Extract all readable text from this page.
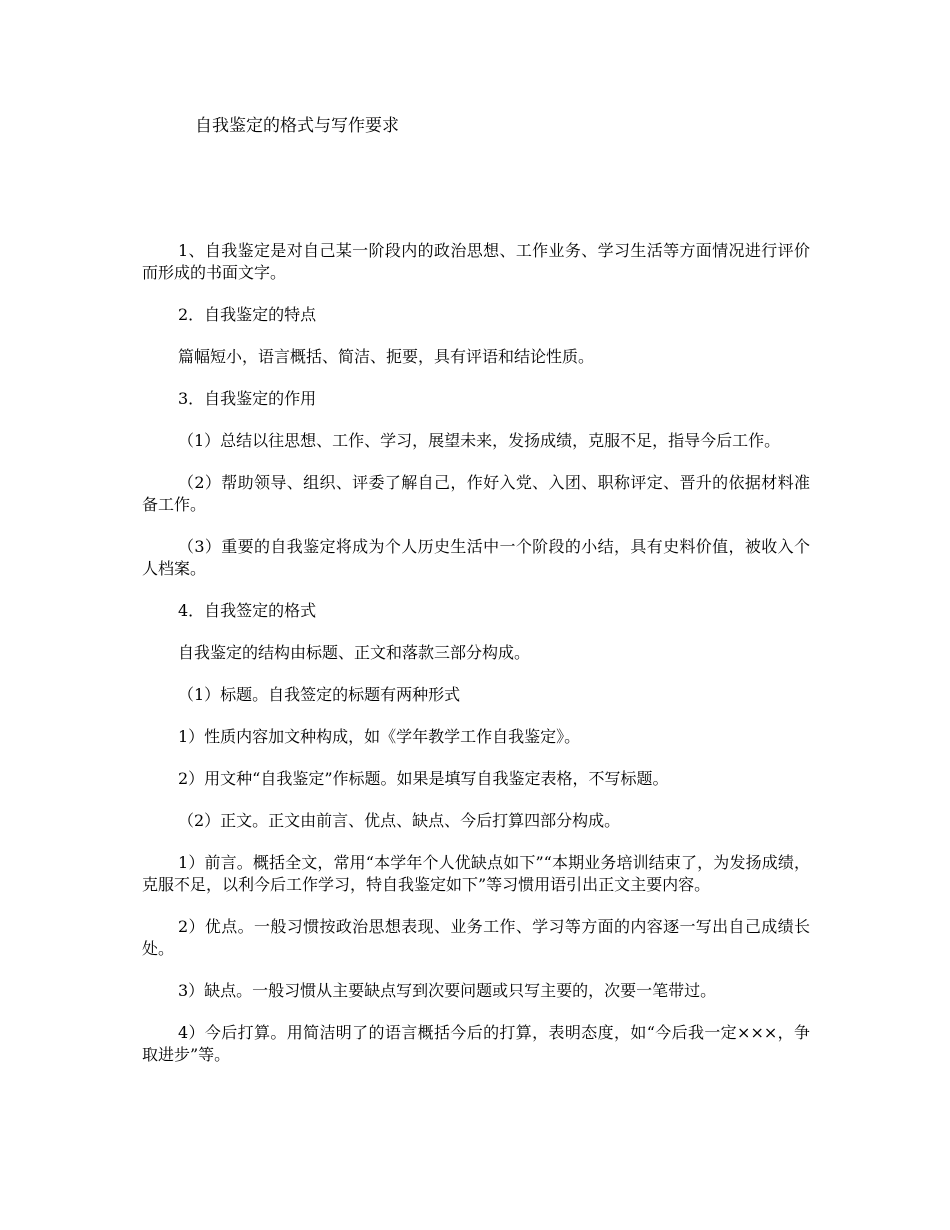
自我鉴定的格式与写作要求

1、自我鉴定是对自己某一阶段内的政治思想、工作业务、学习生活等方面情况进行评价而形成的书面文字。

2．自我鉴定的特点

篇幅短小，语言概括、简洁、扼要，具有评语和结论性质。

3．自我鉴定的作用

（1）总结以往思想、工作、学习，展望未来，发扬成绩，克服不足，指导今后工作。

（2）帮助领导、组织、评委了解自己，作好入党、入团、职称评定、晋升的依据材料准备工作。

（3）重要的自我鉴定将成为个人历史生活中一个阶段的小结，具有史料价值，被收入个人档案。

4．自我签定的格式

自我鉴定的结构由标题、正文和落款三部分构成。

（1）标题。自我签定的标题有两种形式

1）性质内容加文种构成，如《学年教学工作自我鉴定》。

2）用文种“自我鉴定”作标题。如果是填写自我鉴定表格，不写标题。

（2）正文。正文由前言、优点、缺点、今后打算四部分构成。

1）前言。概括全文，常用“本学年个人优缺点如下”“本期业务培训结束了，为发扬成绩，克服不足，以利今后工作学习，特自我鉴定如下”等习惯用语引出正文主要内容。

2）优点。一般习惯按政治思想表现、业务工作、学习等方面的内容逐一写出自己成绩长处。

3）缺点。一般习惯从主要缺点写到次要问题或只写主要的，次要一笔带过。

4）今后打算。用简洁明了的语言概括今后的打算，表明态度，如“今后我一定×××，争取进步”等。
